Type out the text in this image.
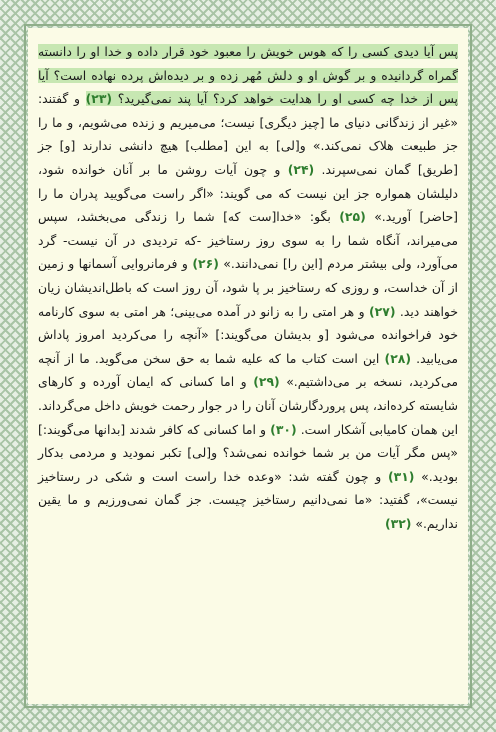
پس آیا دیدی کسی را که هوس خویش را معبود خود قرار داده و خدا او را دانسته گمراه گردانیده و بر گوش او و دلش مُهر زده و بر دیده‌اش پرده نهاده است؟ آیا پس از خدا چه کسی او را هدایت خواهد کرد؟ آیا پند نمی‌گیرید؟ (۲۳) و گفتند: «غیر از زندگانی دنیای ما [چیز دیگری] نیست؛ می‌میریم و زنده می‌شویم، و ما را جز طبیعت هلاک نمی‌کند.» و[لی] به این [مطلب] هیچ دانشی ندارند [و] جز [طریق] گمان نمی‌سپرند. (۲۴) و چون آیات روشن ما بر آنان خوانده شود، دلیلشان همواره جز این نیست که می گویند: «اگر راست می‌گویید پدران ما را [حاضر] آورید.» (۲۵) بگو: «خدا[ست که] شما را زندگی می‌بخشد، سپس می‌میراند، آنگاه شما را به سوی روز رستاخیز -که تردیدی در آن نیست- گرد می‌آورد، ولی بیشتر مردم [این را] نمی‌دانند.» (۲۶) و فرمانروایی آسمانها و زمین از آن خداست، و روزی که رستاخیز بر پا شود، آن روز است که باطل‌اندیشان زیان خواهند دید. (۲۷) و هر امتی را به زانو در آمده می‌بینی؛ هر امتی به سوی کارنامه خود فراخوانده می‌شود [و بدیشان می‌گویند:] «آنچه را می‌کردید امروز پاداش می‌یابید. (۲۸) این است کتاب ما که علیه شما به حق سخن می‌گوید. ما از آنچه می‌کردید، نسخه بر می‌داشتیم.» (۲۹) و اما کسانی که ایمان آورده و کارهای شایسته کرده‌اند، پس پروردگارشان آنان را در جوار رحمت خویش داخل می‌گرداند. این همان کامیابی آشکار است. (۳۰) و اما کسانی که کافر شدند [بدانها می‌گویند:] «پس مگر آیات من بر شما خوانده نمی‌شد؟ و[لی] تکبر نمودید و مردمی بدکار بودید.» (۳۱) و چون گفته شد: «وعده خدا راست است و شکی در رستاخیز نیست»، گفتید: «ما نمی‌دانیم رستاخیز چیست. جز گمان نمی‌ورزیم و ما یقین نداریم.» (۳۲)
